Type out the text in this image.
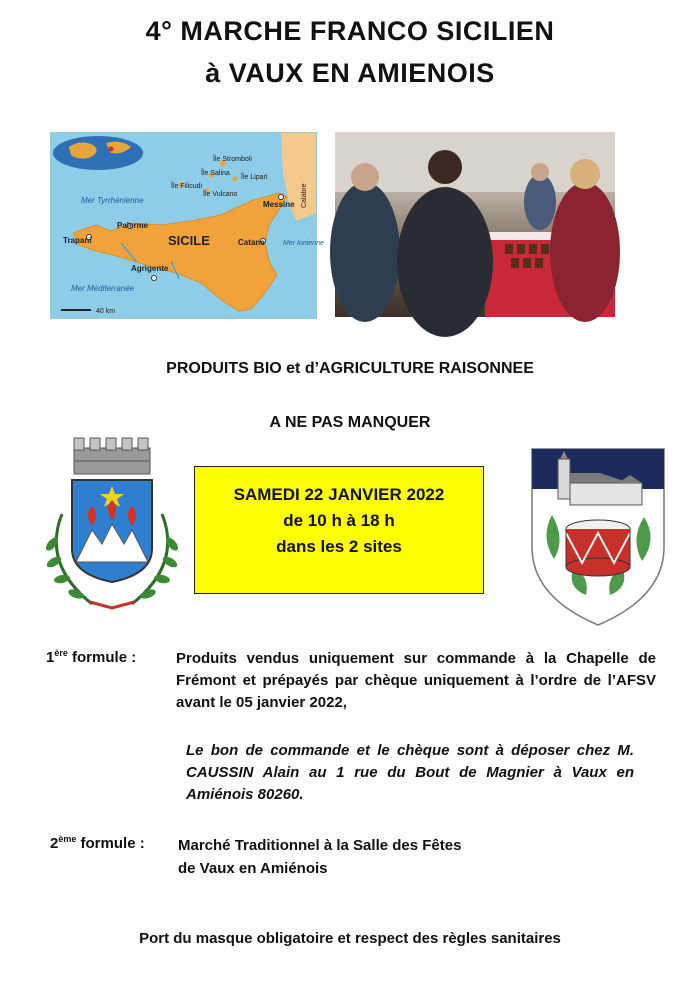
4° MARCHE FRANCO SICILIEN
à VAUX EN AMIENOIS
SICILE
Île Stromboli
Île Salina
Île Lipari
Île Filicudi
Île Vulcano
Messine
Palerme
Trapani
Agrigente
Catane
Calabre
Mer Tyrrhénienne
Mer Méditerranée
Mer Ionienne
40 km
PRODUITS BIO et d’AGRICULTURE RAISONNEE
A NE PAS MANQUER
SAMEDI 22 JANVIER 2022
de 10 h à 18 h
dans les 2 sites
1ère formule :	Produits vendus uniquement sur commande à la Chapelle de Frémont et prépayés par chèque uniquement à l’ordre de l’AFSV avant le 05 janvier 2022,
Le bon de commande et le chèque sont à déposer chez M. CAUSSIN Alain au 1 rue du Bout de Magnier à Vaux en Amiénois 80260.
2ème formule : Marché Traditionnel à la Salle des Fêtes
de Vaux en Amiénois
Port du masque obligatoire et respect des règles sanitaires
